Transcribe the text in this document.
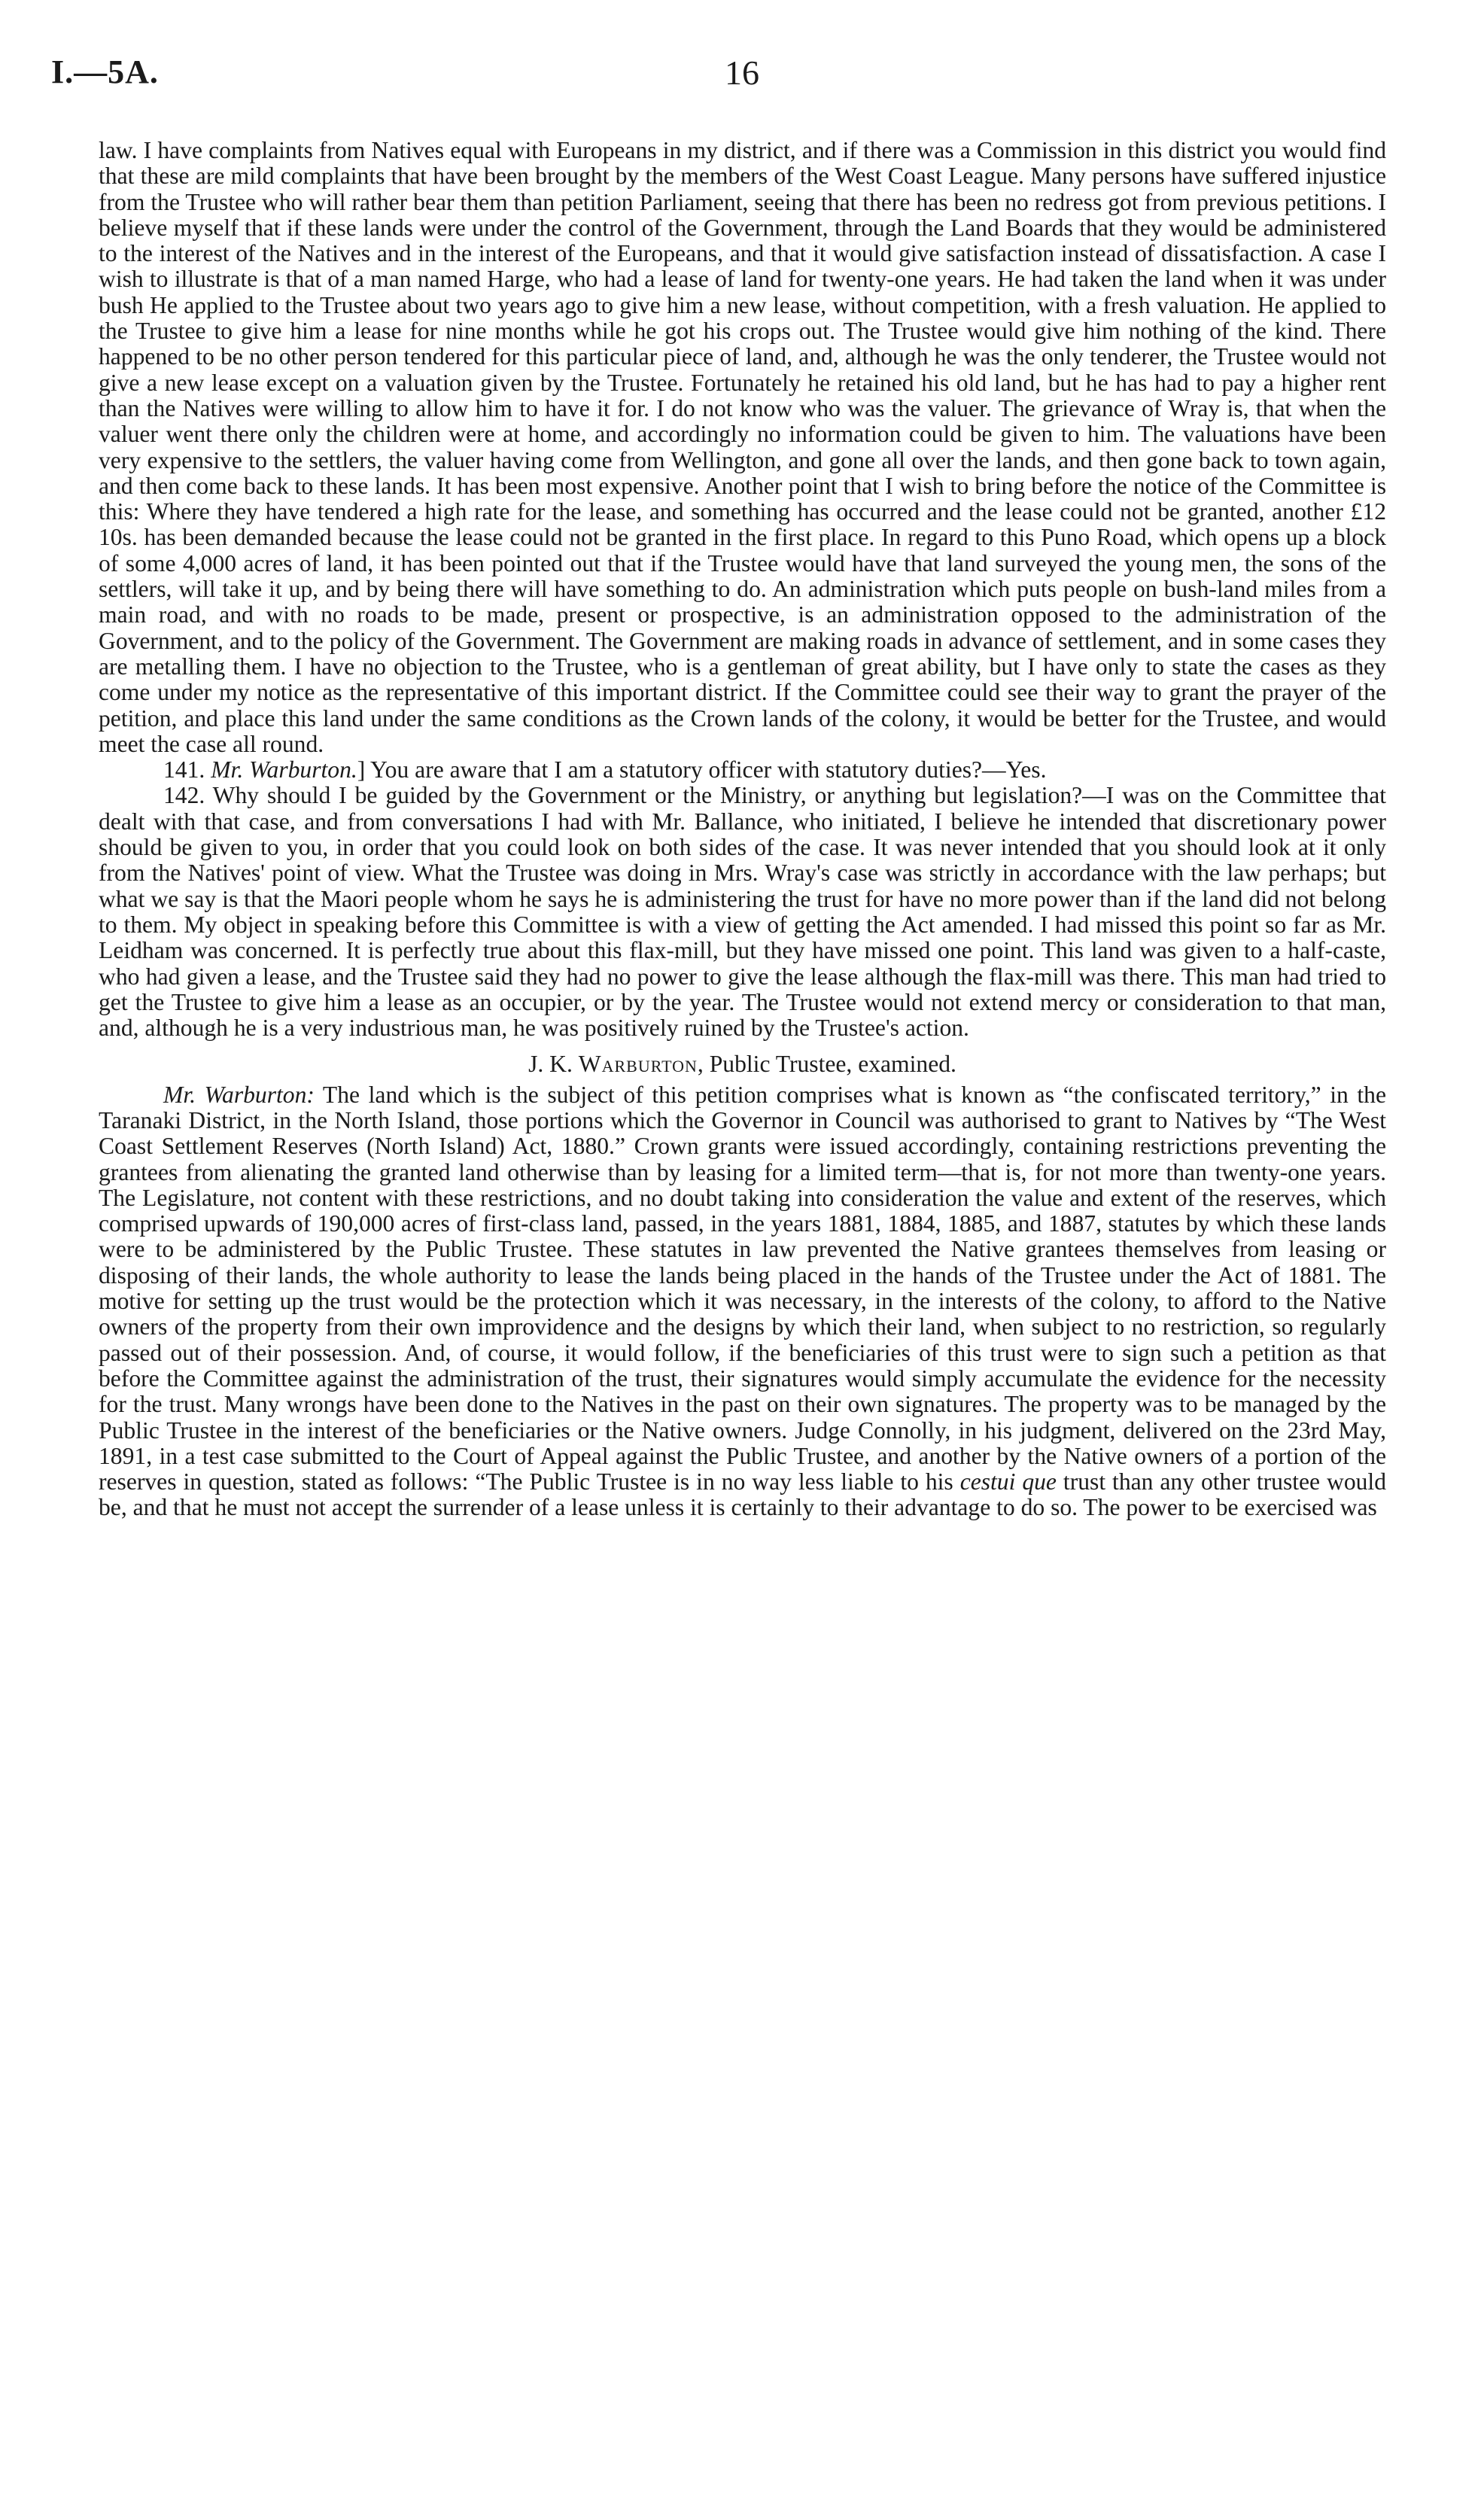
I.—5A.	16

law. I have complaints from Natives equal with Europeans in my district, and if there was a Commission in this district you would find that these are mild complaints that have been brought by the members of the West Coast League. Many persons have suffered injustice from the Trustee who will rather bear them than petition Parliament, seeing that there has been no redress got from previous petitions. I believe myself that if these lands were under the control of the Government, through the Land Boards that they would be administered to the interest of the Natives and in the interest of the Europeans, and that it would give satisfaction instead of dissatisfaction. A case I wish to illustrate is that of a man named Harge, who had a lease of land for twenty-one years. He had taken the land when it was under bush He applied to the Trustee about two years ago to give him a new lease, without competition, with a fresh valuation. He applied to the Trustee to give him a lease for nine months while he got his crops out. The Trustee would give him nothing of the kind. There happened to be no other person tendered for this particular piece of land, and, although he was the only tenderer, the Trustee would not give a new lease except on a valuation given by the Trustee. Fortunately he retained his old land, but he has had to pay a higher rent than the Natives were willing to allow him to have it for. I do not know who was the valuer. The grievance of Wray is, that when the valuer went there only the children were at home, and accordingly no information could be given to him. The valuations have been very expensive to the settlers, the valuer having come from Wellington, and gone all over the lands, and then gone back to town again, and then come back to these lands. It has been most expensive. Another point that I wish to bring before the notice of the Committee is this: Where they have tendered a high rate for the lease, and something has occurred and the lease could not be granted, another £12 10s. has been demanded because the lease could not be granted in the first place. In regard to this Puno Road, which opens up a block of some 4,000 acres of land, it has been pointed out that if the Trustee would have that land surveyed the young men, the sons of the settlers, will take it up, and by being there will have something to do. An administration which puts people on bush-land miles from a main road, and with no roads to be made, present or prospective, is an administration opposed to the administration of the Government, and to the policy of the Government. The Government are making roads in advance of settlement, and in some cases they are metalling them. I have no objection to the Trustee, who is a gentleman of great ability, but I have only to state the cases as they come under my notice as the representative of this important district. If the Committee could see their way to grant the prayer of the petition, and place this land under the same conditions as the Crown lands of the colony, it would be better for the Trustee, and would meet the case all round.

141. Mr. Warburton.] You are aware that I am a statutory officer with statutory duties?—Yes.

142. Why should I be guided by the Government or the Ministry, or anything but legislation?—I was on the Committee that dealt with that case, and from conversations I had with Mr. Ballance, who initiated, I believe he intended that discretionary power should be given to you, in order that you could look on both sides of the case. It was never intended that you should look at it only from the Natives' point of view. What the Trustee was doing in Mrs. Wray's case was strictly in accordance with the law perhaps; but what we say is that the Maori people whom he says he is administering the trust for have no more power than if the land did not belong to them. My object in speaking before this Committee is with a view of getting the Act amended. I had missed this point so far as Mr. Leidham was concerned. It is perfectly true about this flax-mill, but they have missed one point. This land was given to a half-caste, who had given a lease, and the Trustee said they had no power to give the lease although the flax-mill was there. This man had tried to get the Trustee to give him a lease as an occupier, or by the year. The Trustee would not extend mercy or consideration to that man, and, although he is a very industrious man, he was positively ruined by the Trustee's action.

J. K. Warburton, Public Trustee, examined.

Mr. Warburton: The land which is the subject of this petition comprises what is known as “the confiscated territory,” in the Taranaki District, in the North Island, those portions which the Governor in Council was authorised to grant to Natives by “The West Coast Settlement Reserves (North Island) Act, 1880.” Crown grants were issued accordingly, containing restrictions preventing the grantees from alienating the granted land otherwise than by leasing for a limited term—that is, for not more than twenty-one years. The Legislature, not content with these restrictions, and no doubt taking into consideration the value and extent of the reserves, which comprised upwards of 190,000 acres of first-class land, passed, in the years 1881, 1884, 1885, and 1887, statutes by which these lands were to be administered by the Public Trustee. These statutes in law prevented the Native grantees themselves from leasing or disposing of their lands, the whole authority to lease the lands being placed in the hands of the Trustee under the Act of 1881. The motive for setting up the trust would be the protection which it was necessary, in the interests of the colony, to afford to the Native owners of the property from their own improvidence and the designs by which their land, when subject to no restriction, so regularly passed out of their possession. And, of course, it would follow, if the beneficiaries of this trust were to sign such a petition as that before the Committee against the administration of the trust, their signatures would simply accumulate the evidence for the necessity for the trust. Many wrongs have been done to the Natives in the past on their own signatures. The property was to be managed by the Public Trustee in the interest of the beneficiaries or the Native owners. Judge Connolly, in his judgment, delivered on the 23rd May, 1891, in a test case submitted to the Court of Appeal against the Public Trustee, and another by the Native owners of a portion of the reserves in question, stated as follows: “The Public Trustee is in no way less liable to his cestui que trust than any other trustee would be, and that he must not accept the surrender of a lease unless it is certainly to their advantage to do so. The power to be exercised was
